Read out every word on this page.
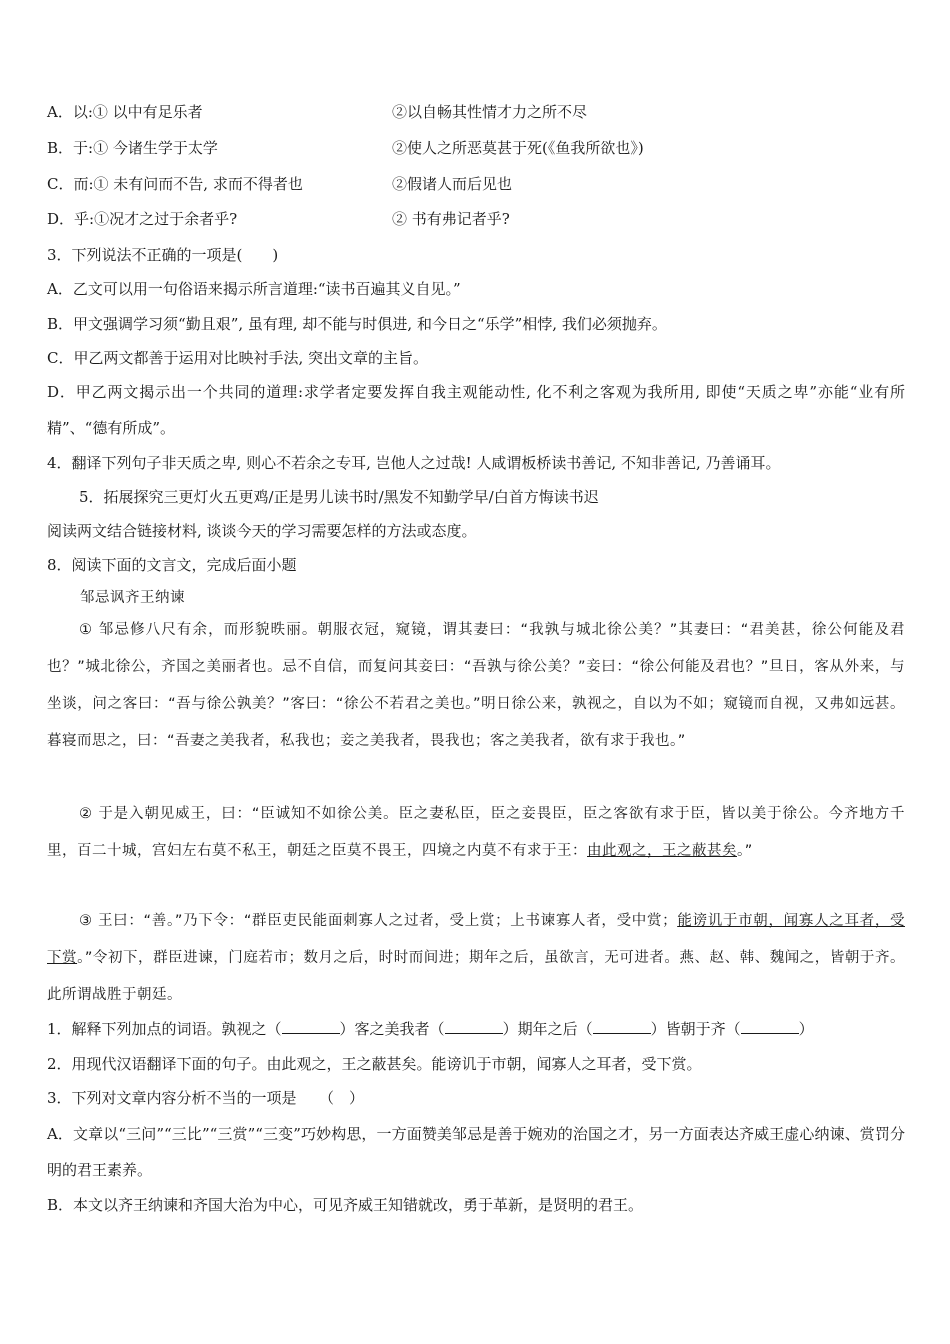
A．以:① 以中有足乐者	②以自畅其性情才力之所不尽
B．于:① 今诸生学于太学	②使人之所恶莫甚于死(《鱼我所欲也》)
C．而:① 未有问而不告, 求而不得者也	②假诸人而后见也
D．乎:①况才之过于余者乎?	② 书有弗记者乎?
3．下列说法不正确的一项是(　　)
A．乙文可以用一句俗语来揭示所言道理:“读书百遍其义自见。”
B．甲文强调学习须“勤且艰”, 虽有理, 却不能与时俱进, 和今日之“乐学”相悖, 我们必须抛弃。
C．甲乙两文都善于运用对比映衬手法, 突出文章的主旨。
D．甲乙两文揭示出一个共同的道理:求学者定要发挥自我主观能动性, 化不利之客观为我所用, 即使“天质之卑”亦能“业有所精”、“德有所成”。
4．翻译下列句子非天质之卑, 则心不若余之专耳, 岂他人之过哉! 人咸谓板桥读书善记, 不知非善记, 乃善诵耳。
5．拓展探究三更灯火五更鸡/正是男儿读书时/黑发不知勤学早/白首方悔读书迟
阅读两文结合链接材料, 谈谈今天的学习需要怎样的方法或态度。
8．阅读下面的文言文，完成后面小题
邹忌讽齐王纳谏
① 邹忌修八尺有余，而形貌昳丽。朝服衣冠，窥镜，谓其妻曰：“我孰与城北徐公美？”其妻曰：“君美甚，徐公何能及君也？”城北徐公，齐国之美丽者也。忌不自信，而复问其妾曰：“吾孰与徐公美？”妾曰：“徐公何能及君也？”旦日，客从外来，与坐谈，问之客曰：“吾与徐公孰美？”客曰：“徐公不若君之美也。”明日徐公来，孰视之，自以为不如；窥镜而自视，又弗如远甚。暮寝而思之，曰：“吾妻之美我者，私我也；妾之美我者，畏我也；客之美我者，欲有求于我也。”
② 于是入朝见威王，曰：“臣诚知不如徐公美。臣之妻私臣，臣之妾畏臣，臣之客欲有求于臣，皆以美于徐公。今齐地方千里，百二十城，宫妇左右莫不私王，朝廷之臣莫不畏王，四境之内莫不有求于王：由此观之，王之蔽甚矣。”
③ 王曰：“善。”乃下令：“群臣吏民能面刺寡人之过者，受上赏；上书谏寡人者，受中赏；能谤讥于市朝，闻寡人之耳者，受下赏。”令初下，群臣进谏，门庭若市；数月之后，时时而间进；期年之后，虽欲言，无可进者。燕、赵、韩、魏闻之，皆朝于齐。此所谓战胜于朝廷。
1．解释下列加点的词语。孰视之（	）客之美我者（	）期年之后（	）皆朝于齐（	）
2．用现代汉语翻译下面的句子。由此观之，王之蔽甚矣。能谤讥于市朝，闻寡人之耳者，受下赏。
3．下列对文章内容分析不当的一项是　　（　）
A．文章以“三问”“三比”“三赏”“三变”巧妙构思，一方面赞美邹忌是善于婉劝的治国之才，另一方面表达齐威王虚心纳谏、赏罚分明的君王素养。
B．本文以齐王纳谏和齐国大治为中心，可见齐威王知错就改，勇于革新，是贤明的君王。
